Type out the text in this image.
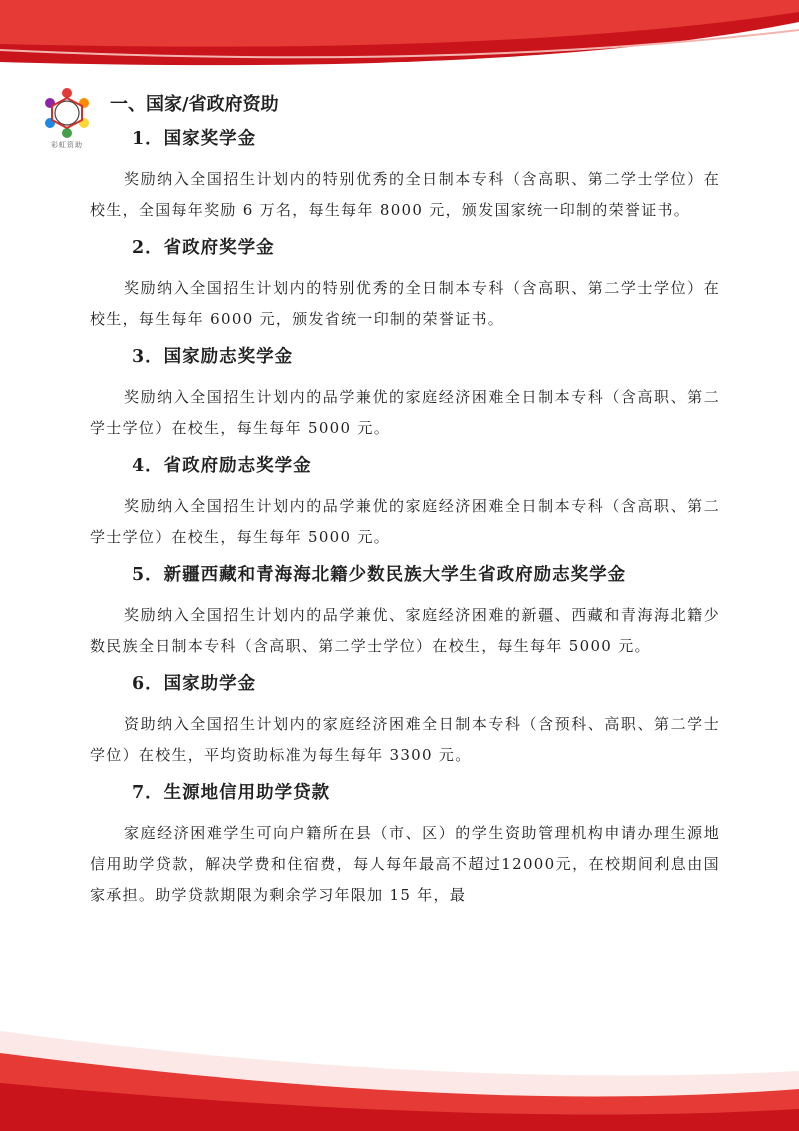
彩虹资助
一、国家/省政府资助
1．国家奖学金

奖励纳入全国招生计划内的特别优秀的全日制本专科（含高职、第二学士学位）在校生，全国每年奖励 6 万名，每生每年 8000 元，颁发国家统一印制的荣誉证书。

2．省政府奖学金

奖励纳入全国招生计划内的特别优秀的全日制本专科（含高职、第二学士学位）在校生，每生每年 6000 元，颁发省统一印制的荣誉证书。

3．国家励志奖学金

奖励纳入全国招生计划内的品学兼优的家庭经济困难全日制本专科（含高职、第二学士学位）在校生，每生每年 5000 元。

4．省政府励志奖学金

奖励纳入全国招生计划内的品学兼优的家庭经济困难全日制本专科（含高职、第二学士学位）在校生，每生每年 5000 元。

5．新疆西藏和青海海北籍少数民族大学生省政府励志奖学金

奖励纳入全国招生计划内的品学兼优、家庭经济困难的新疆、西藏和青海海北籍少数民族全日制本专科（含高职、第二学士学位）在校生，每生每年 5000 元。

6．国家助学金

资助纳入全国招生计划内的家庭经济困难全日制本专科（含预科、高职、第二学士学位）在校生，平均资助标准为每生每年 3300 元。

7．生源地信用助学贷款

家庭经济困难学生可向户籍所在县（市、区）的学生资助管理机构申请办理生源地信用助学贷款，解决学费和住宿费，每人每年最高不超过12000元，在校期间利息由国家承担。助学贷款期限为剩余学习年限加 15 年，最
